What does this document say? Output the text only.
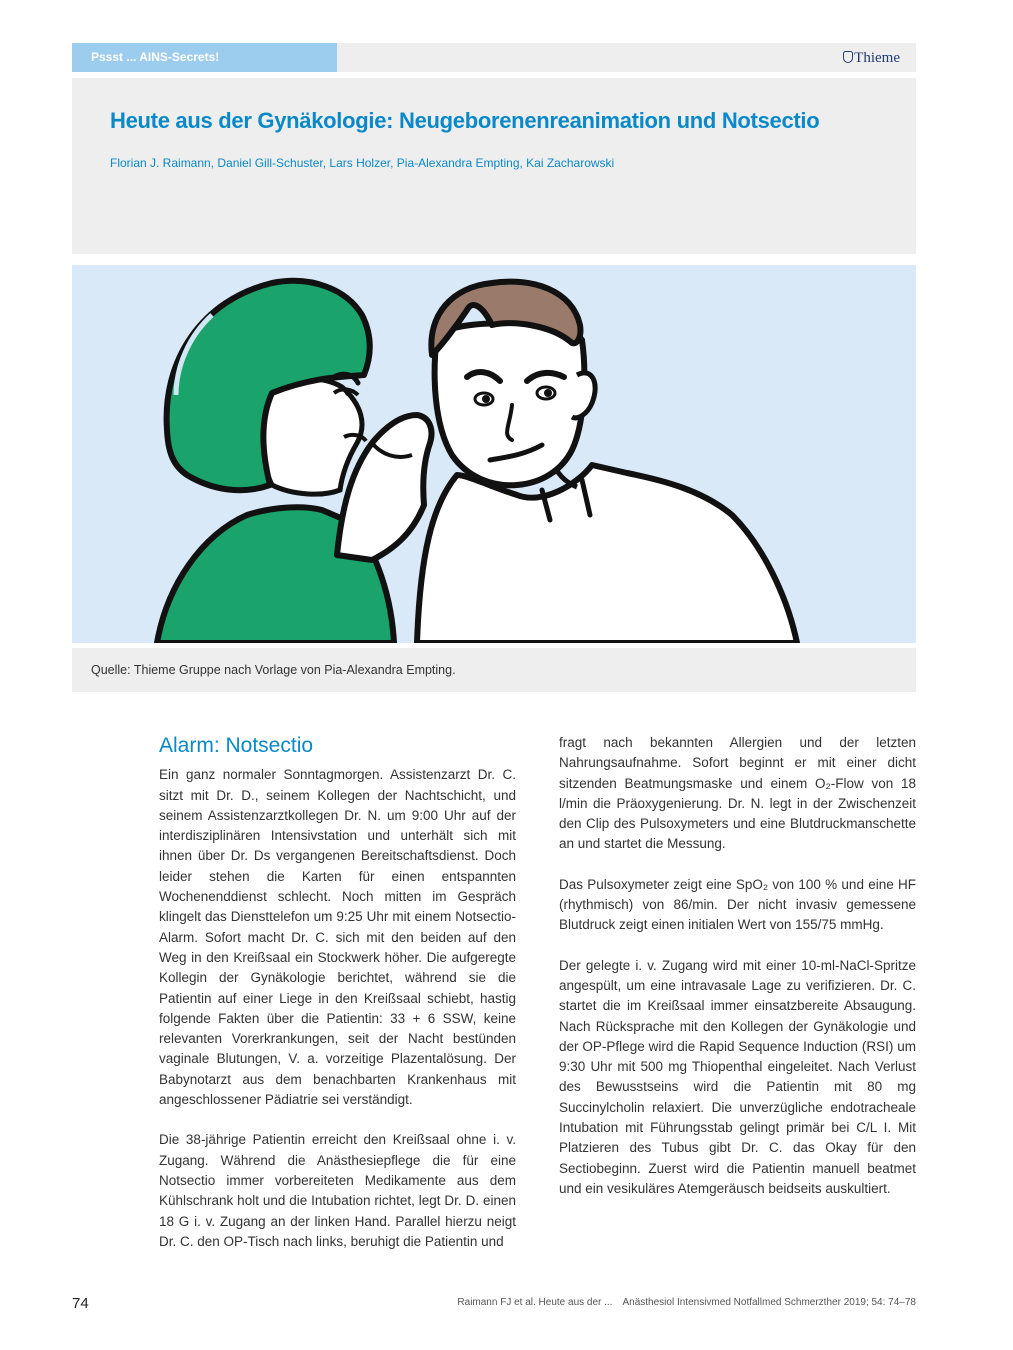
Pssst ... AINS-Secrets!	Thieme
Heute aus der Gynäkologie: Neugeborenenreanimation und Notsectio

Florian J. Raimann, Daniel Gill-Schuster, Lars Holzer, Pia-Alexandra Empting, Kai Zacharowski

Quelle: Thieme Gruppe nach Vorlage von Pia-Alexandra Empting.
Alarm: Notsectio

Ein ganz normaler Sonntagmorgen. Assistenzarzt Dr. C. sitzt mit Dr. D., seinem Kollegen der Nachtschicht, und seinem Assistenzarztkollegen Dr. N. um 9:00 Uhr auf der interdisziplinären Intensivstation und unterhält sich mit ihnen über Dr. Ds vergangenen Bereitschaftsdienst. Doch leider stehen die Karten für einen entspannten Wochenenddienst schlecht. Noch mitten im Gespräch klingelt das Diensttelefon um 9:25 Uhr mit einem Notsectio-Alarm. Sofort macht Dr. C. sich mit den beiden auf den Weg in den Kreißsaal ein Stockwerk höher. Die aufgeregte Kollegin der Gynäkologie berichtet, während sie die Patientin auf einer Liege in den Kreißsaal schiebt, hastig folgende Fakten über die Patientin: 33 + 6 SSW, keine relevanten Vorerkrankungen, seit der Nacht bestünden vaginale Blutungen, V. a. vorzeitige Plazentalösung. Der Babynotarzt aus dem benachbarten Krankenhaus mit angeschlossener Pädiatrie sei verständigt.

Die 38-jährige Patientin erreicht den Kreißsaal ohne i. v. Zugang. Während die Anästhesiepflege die für eine Notsectio immer vorbereiteten Medikamente aus dem Kühlschrank holt und die Intubation richtet, legt Dr. D. einen 18 G i. v. Zugang an der linken Hand. Parallel hierzu neigt Dr. C. den OP-Tisch nach links, beruhigt die Patientin und

fragt nach bekannten Allergien und der letzten Nahrungsaufnahme. Sofort beginnt er mit einer dicht sitzenden Beatmungsmaske und einem O₂-Flow von 18 l/min die Präoxygenierung. Dr. N. legt in der Zwischenzeit den Clip des Pulsoxymeters und eine Blutdruckmanschette an und startet die Messung.

Das Pulsoxymeter zeigt eine SpO₂ von 100 % und eine HF (rhythmisch) von 86/min. Der nicht invasiv gemessene Blutdruck zeigt einen initialen Wert von 155/75 mmHg.

Der gelegte i. v. Zugang wird mit einer 10-ml-NaCl-Spritze angespült, um eine intravasale Lage zu verifizieren. Dr. C. startet die im Kreißsaal immer einsatzbereite Absaugung. Nach Rücksprache mit den Kollegen der Gynäkologie und der OP-Pflege wird die Rapid Sequence Induction (RSI) um 9:30 Uhr mit 500 mg Thiopenthal eingeleitet. Nach Verlust des Bewusstseins wird die Patientin mit 80 mg Succinylcholin relaxiert. Die unverzügliche endotracheale Intubation mit Führungsstab gelingt primär bei C/L I. Mit Platzieren des Tubus gibt Dr. C. das Okay für den Sectiobeginn. Zuerst wird die Patientin manuell beatmet und ein vesikuläres Atemgeräusch beidseits auskultiert.

74	Raimann FJ et al. Heute aus der ... Anästhesiol Intensivmed Notfallmed Schmerzther 2019; 54: 74–78
